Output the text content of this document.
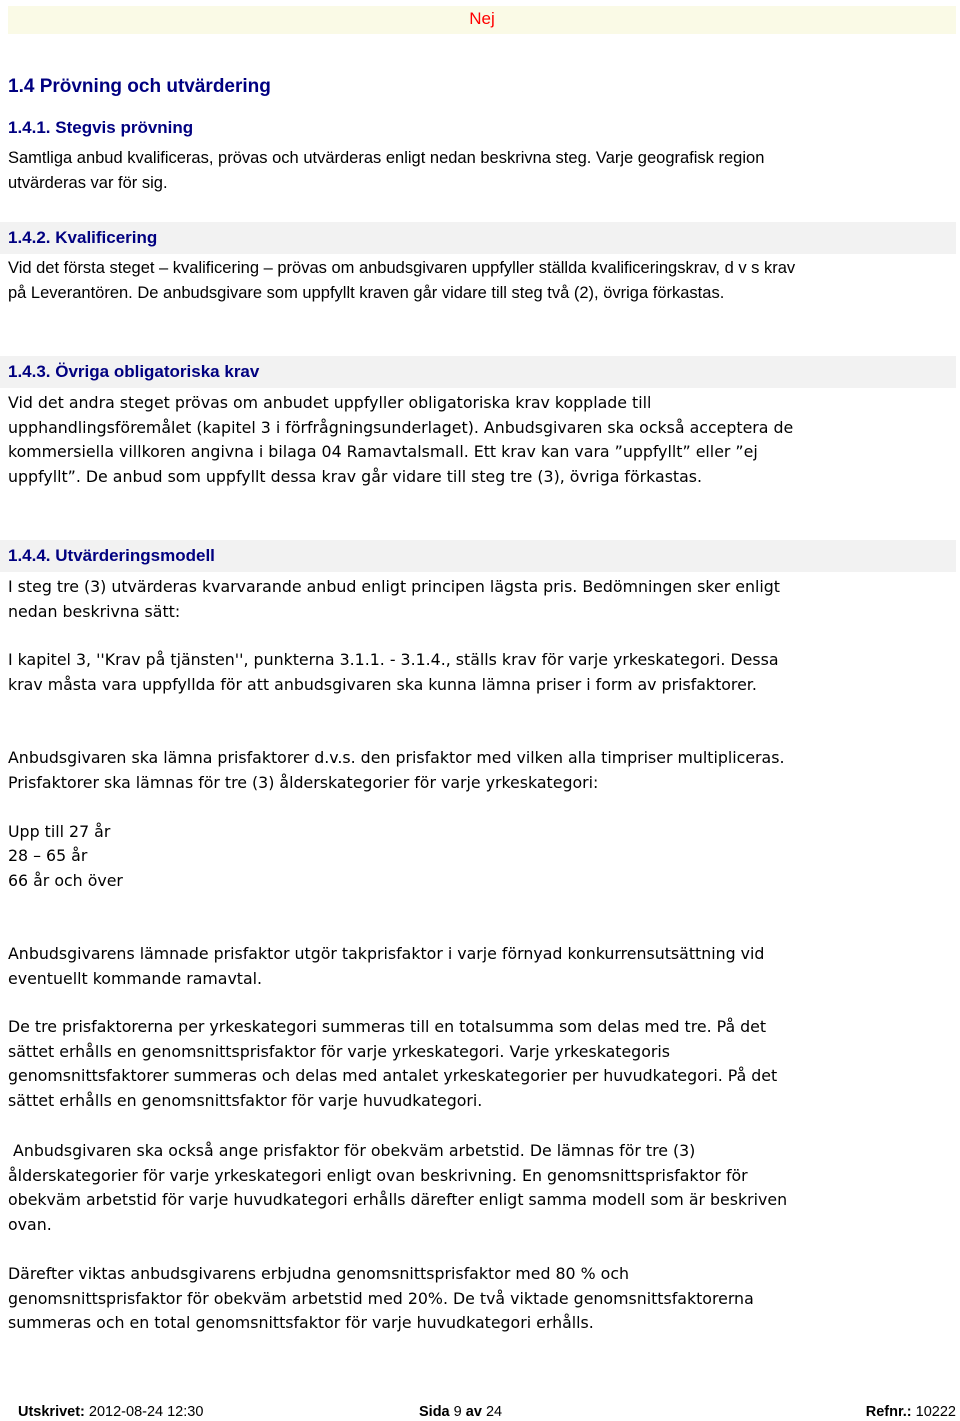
Nej
1.4 Prövning och utvärdering
1.4.1. Stegvis prövning

Samtliga anbud kvalificeras, prövas och utvärderas enligt nedan beskrivna steg. Varje geografisk region utvärderas var för sig.

1.4.2. Kvalificering

Vid det första steget – kvalificering – prövas om anbudsgivaren uppfyller ställda kvalificeringskrav, d v s krav på Leverantören. De anbudsgivare som uppfyllt kraven går vidare till steg två (2), övriga förkastas.

1.4.3. Övriga obligatoriska krav

Vid det andra steget prövas om anbudet uppfyller obligatoriska krav kopplade till upphandlingsföremålet (kapitel 3 i förfrågningsunderlaget). Anbudsgivaren ska också acceptera de kommersiella villkoren angivna i bilaga 04 Ramavtalsmall. Ett krav kan vara ”uppfyllt” eller ”ej uppfyllt”. De anbud som uppfyllt dessa krav går vidare till steg tre (3), övriga förkastas.

1.4.4. Utvärderingsmodell

I steg tre (3) utvärderas kvarvarande anbud enligt principen lägsta pris. Bedömningen sker enligt nedan beskrivna sätt:

I kapitel 3, ''Krav på tjänsten'', punkterna 3.1.1. - 3.1.4., ställs krav för varje yrkeskategori. Dessa krav måsta vara uppfyllda för att anbudsgivaren ska kunna lämna priser i form av prisfaktorer.

Anbudsgivaren ska lämna prisfaktorer d.v.s. den prisfaktor med vilken alla timpriser multipliceras. Prisfaktorer ska lämnas för tre (3) ålderskategorier för varje yrkeskategori:

Upp till 27 år

28 – 65 år

66 år och över

Anbudsgivarens lämnade prisfaktor utgör takprisfaktor i varje förnyad konkurrensutsättning vid eventuellt kommande ramavtal.

De tre prisfaktorerna per yrkeskategori summeras till en totalsumma som delas med tre. På det sättet erhålls en genomsnittsprisfaktor för varje yrkeskategori. Varje yrkeskategoris genomsnittsfaktorer summeras och delas med antalet yrkeskategorier per huvudkategori. På det sättet erhålls en genomsnittsfaktor för varje huvudkategori.

Anbudsgivaren ska också ange prisfaktor för obekväm arbetstid. De lämnas för tre (3) ålderskategorier för varje yrkeskategori enligt ovan beskrivning. En genomsnittsprisfaktor för obekväm arbetstid för varje huvudkategori erhålls därefter enligt samma modell som är beskriven ovan.

Därefter viktas anbudsgivarens erbjudna genomsnittsprisfaktor med 80 % och genomsnittsprisfaktor för obekväm arbetstid med 20%. De två viktade genomsnittsfaktorerna summeras och en total genomsnittsfaktor för varje huvudkategori erhålls.

Utskrivet: 2012-08-24 12:30	Sida 9 av 24	Refnr.: 10222
